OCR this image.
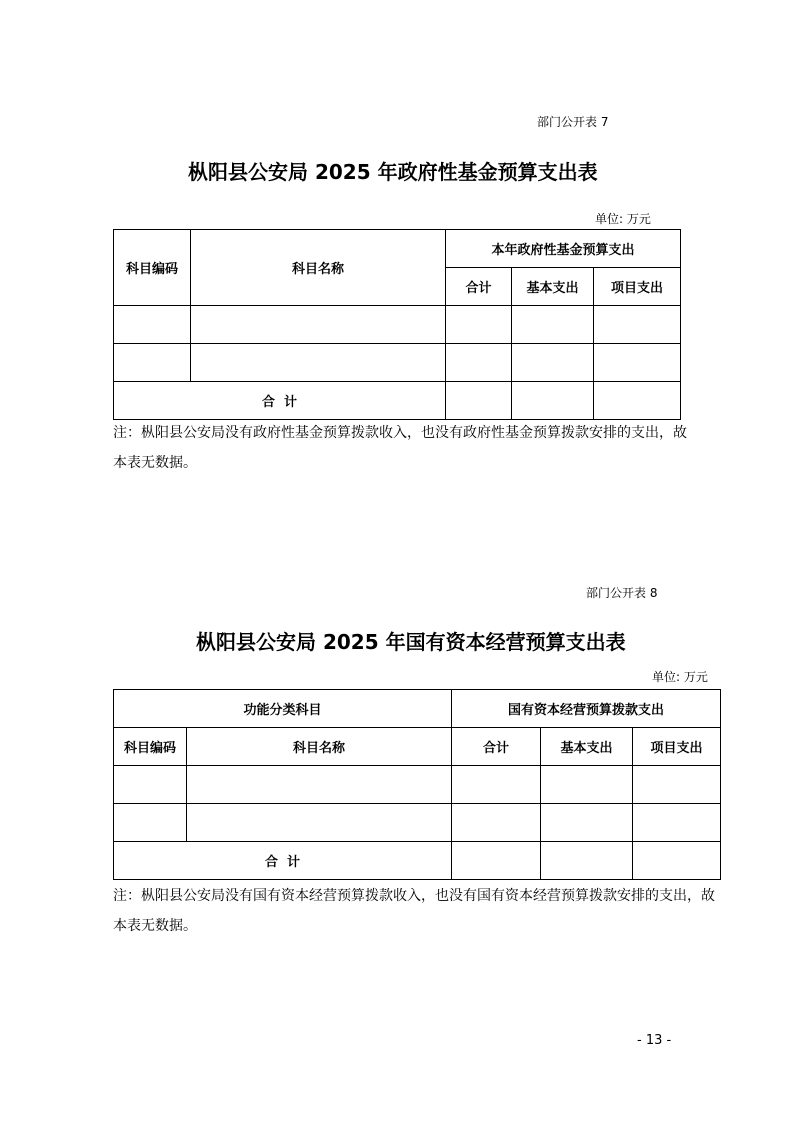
部门公开表 7
枞阳县公安局 2025 年政府性基金预算支出表
单位: 万元
科目编码	科目名称	本年政府性基金预算支出		
		合计	基本支出	项目支出

合  计				
注：枞阳县公安局没有政府性基金预算拨款收入，也没有政府性基金预算拨款安排的支出，故本表无数据。
部门公开表 8
枞阳县公安局 2025 年国有资本经营预算支出表
单位: 万元
功能分类科目		国有资本经营预算拨款支出		
科目编码	科目名称	合计	基本支出	项目支出

合  计				
注：枞阳县公安局没有国有资本经营预算拨款收入，也没有国有资本经营预算拨款安排的支出，故本表无数据。
- 13 -
